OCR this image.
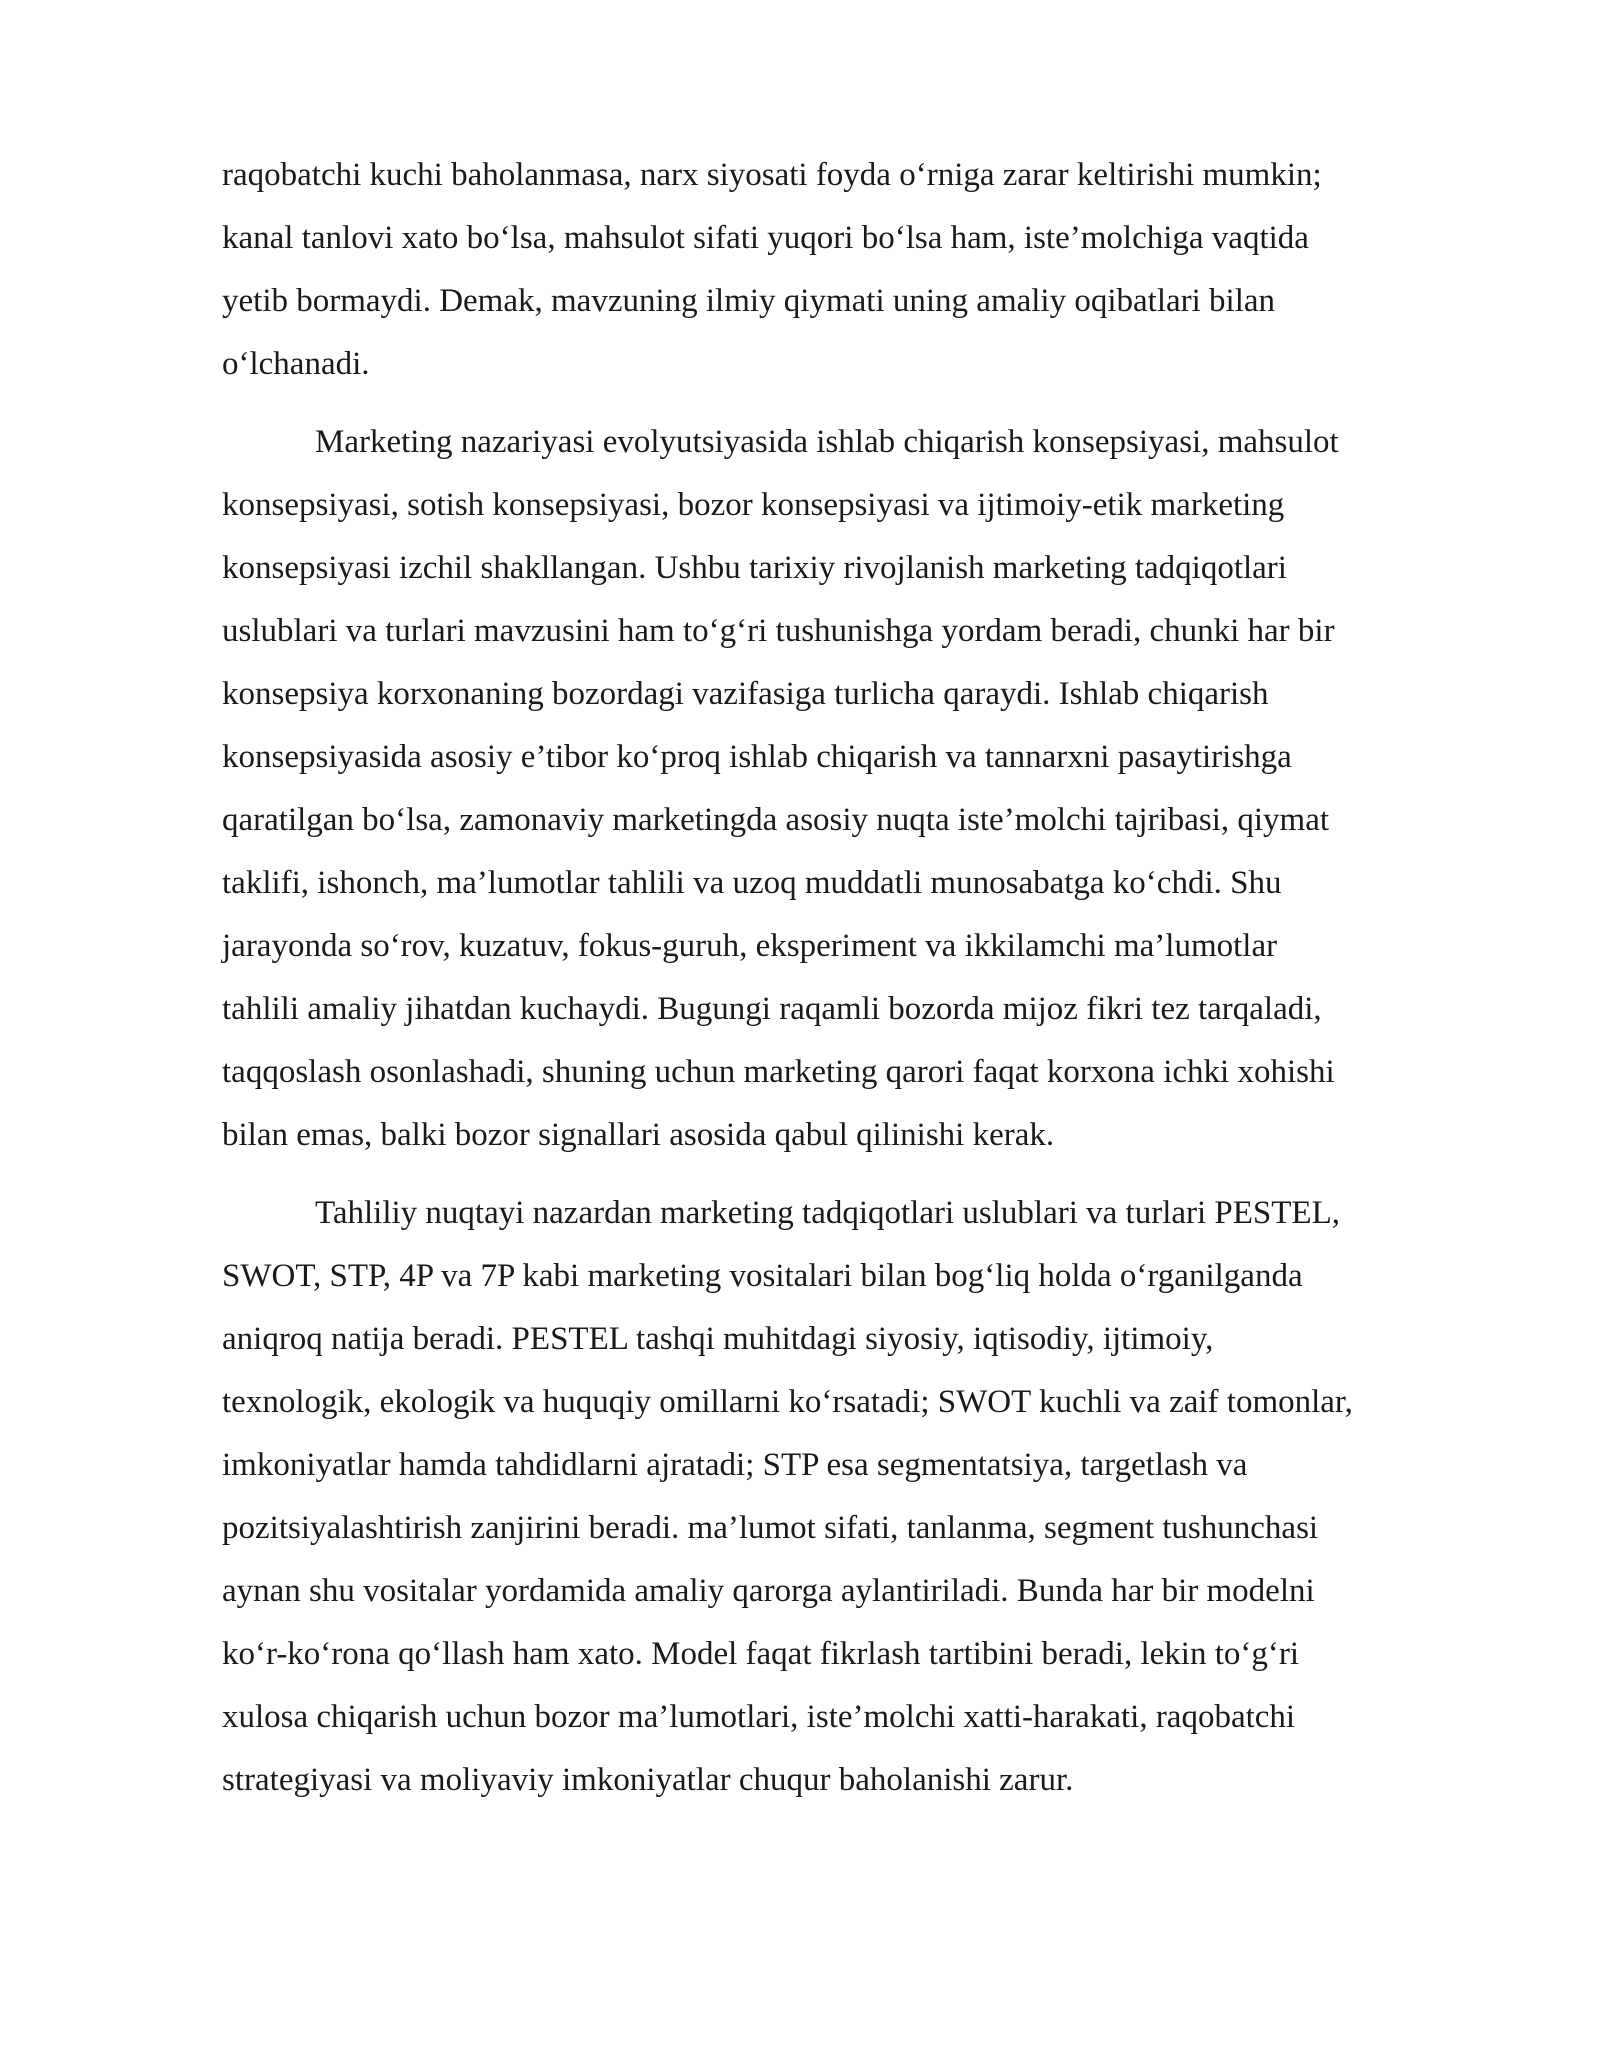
raqobatchi kuchi baholanmasa, narx siyosati foyda o‘rniga zarar keltirishi mumkin;
kanal tanlovi xato bo‘lsa, mahsulot sifati yuqori bo‘lsa ham, iste’molchiga vaqtida
yetib bormaydi. Demak, mavzuning ilmiy qiymati uning amaliy oqibatlari bilan
o‘lchanadi.

Marketing nazariyasi evolyutsiyasida ishlab chiqarish konsepsiyasi, mahsulot
konsepsiyasi, sotish konsepsiyasi, bozor konsepsiyasi va ijtimoiy-etik marketing
konsepsiyasi izchil shakllangan. Ushbu tarixiy rivojlanish marketing tadqiqotlari
uslublari va turlari mavzusini ham to‘g‘ri tushunishga yordam beradi, chunki har bir
konsepsiya korxonaning bozordagi vazifasiga turlicha qaraydi. Ishlab chiqarish
konsepsiyasida asosiy e’tibor ko‘proq ishlab chiqarish va tannarxni pasaytirishga
qaratilgan bo‘lsa, zamonaviy marketingda asosiy nuqta iste’molchi tajribasi, qiymat
taklifi, ishonch, ma’lumotlar tahlili va uzoq muddatli munosabatga ko‘chdi. Shu
jarayonda so‘rov, kuzatuv, fokus-guruh, eksperiment va ikkilamchi ma’lumotlar
tahlili amaliy jihatdan kuchaydi. Bugungi raqamli bozorda mijoz fikri tez tarqaladi,
taqqoslash osonlashadi, shuning uchun marketing qarori faqat korxona ichki xohishi
bilan emas, balki bozor signallari asosida qabul qilinishi kerak.

Tahliliy nuqtayi nazardan marketing tadqiqotlari uslublari va turlari PESTEL,
SWOT, STP, 4P va 7P kabi marketing vositalari bilan bog‘liq holda o‘rganilganda
aniqroq natija beradi. PESTEL tashqi muhitdagi siyosiy, iqtisodiy, ijtimoiy,
texnologik, ekologik va huquqiy omillarni ko‘rsatadi; SWOT kuchli va zaif tomonlar,
imkoniyatlar hamda tahdidlarni ajratadi; STP esa segmentatsiya, targetlash va
pozitsiyalashtirish zanjirini beradi. ma’lumot sifati, tanlanma, segment tushunchasi
aynan shu vositalar yordamida amaliy qarorga aylantiriladi. Bunda har bir modelni
ko‘r-ko‘rona qo‘llash ham xato. Model faqat fikrlash tartibini beradi, lekin to‘g‘ri
xulosa chiqarish uchun bozor ma’lumotlari, iste’molchi xatti-harakati, raqobatchi
strategiyasi va moliyaviy imkoniyatlar chuqur baholanishi zarur.
